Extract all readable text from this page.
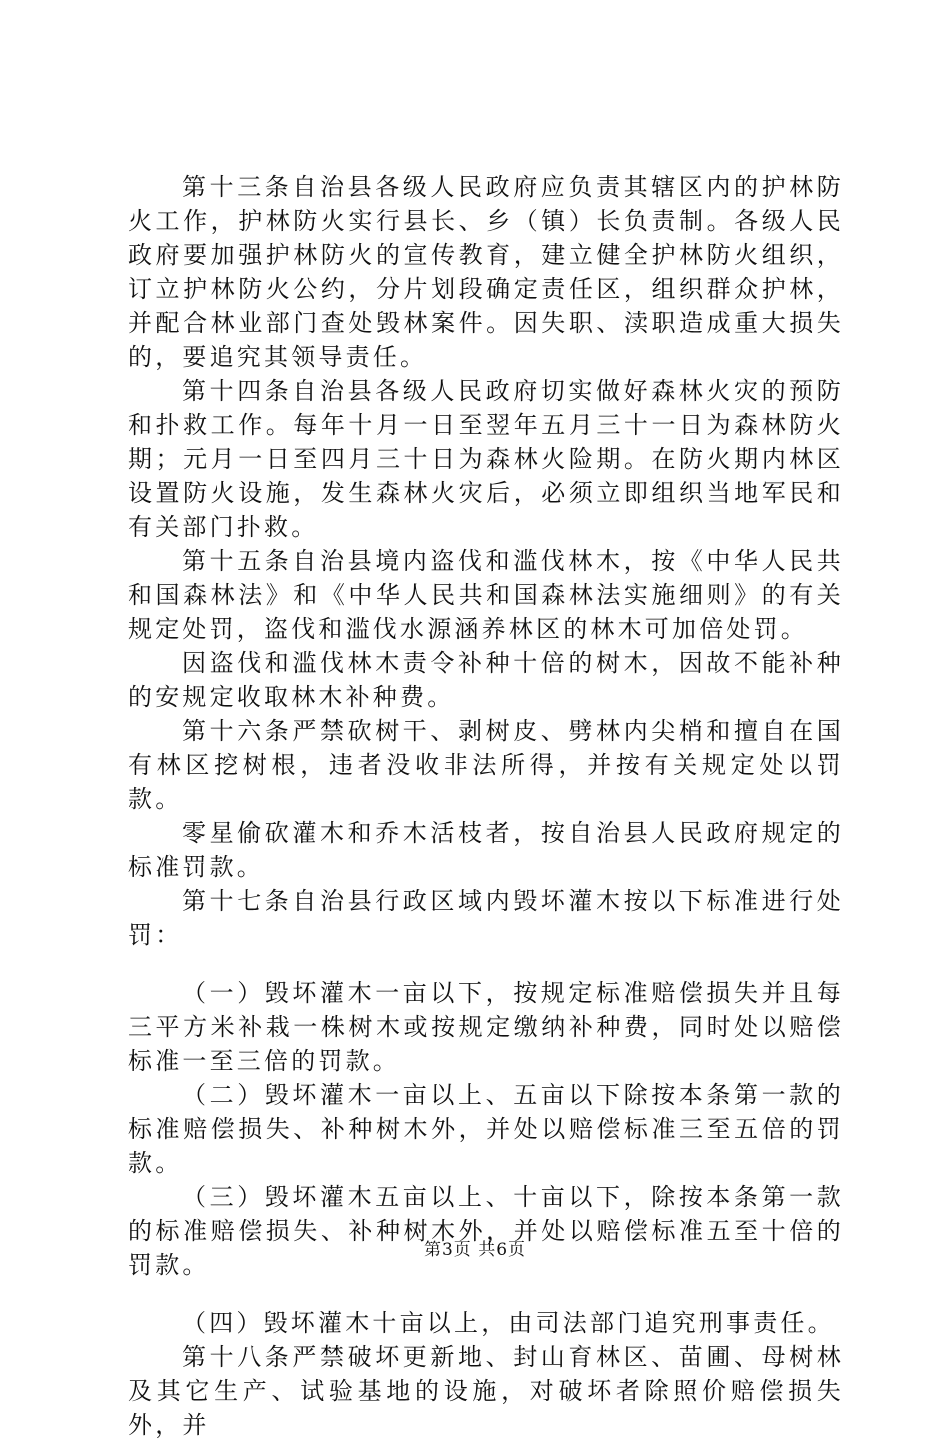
第十三条自治县各级人民政府应负责其辖区内的护林防火工作，护林防火实行县长、乡（镇）长负责制。各级人民政府要加强护林防火的宣传教育，建立健全护林防火组织，订立护林防火公约，分片划段确定责任区，组织群众护林，并配合林业部门查处毁林案件。因失职、渎职造成重大损失的，要追究其领导责任。

第十四条自治县各级人民政府切实做好森林火灾的预防和扑救工作。每年十月一日至翌年五月三十一日为森林防火期；元月一日至四月三十日为森林火险期。在防火期内林区设置防火设施，发生森林火灾后，必须立即组织当地军民和有关部门扑救。

第十五条自治县境内盗伐和滥伐林木，按《中华人民共和国森林法》和《中华人民共和国森林法实施细则》的有关规定处罚，盗伐和滥伐水源涵养林区的林木可加倍处罚。

因盗伐和滥伐林木责令补种十倍的树木，因故不能补种的安规定收取林木补种费。

第十六条严禁砍树干、剥树皮、劈林内尖梢和擅自在国有林区挖树根，违者没收非法所得，并按有关规定处以罚款。

零星偷砍灌木和乔木活枝者，按自治县人民政府规定的标准罚款。

第十七条自治县行政区域内毁坏灌木按以下标准进行处罚：

（一）毁坏灌木一亩以下，按规定标准赔偿损失并且每三平方米补栽一株树木或按规定缴纳补种费，同时处以赔偿标准一至三倍的罚款。

（二）毁坏灌木一亩以上、五亩以下除按本条第一款的标准赔偿损失、补种树木外，并处以赔偿标准三至五倍的罚款。

（三）毁坏灌木五亩以上、十亩以下，除按本条第一款的标准赔偿损失、补种树木外，并处以赔偿标准五至十倍的罚款。

（四）毁坏灌木十亩以上，由司法部门追究刑事责任。

第十八条严禁破坏更新地、封山育林区、苗圃、母树林及其它生产、试验基地的设施，对破坏者除照价赔偿损失外，并

第3页 共6页
